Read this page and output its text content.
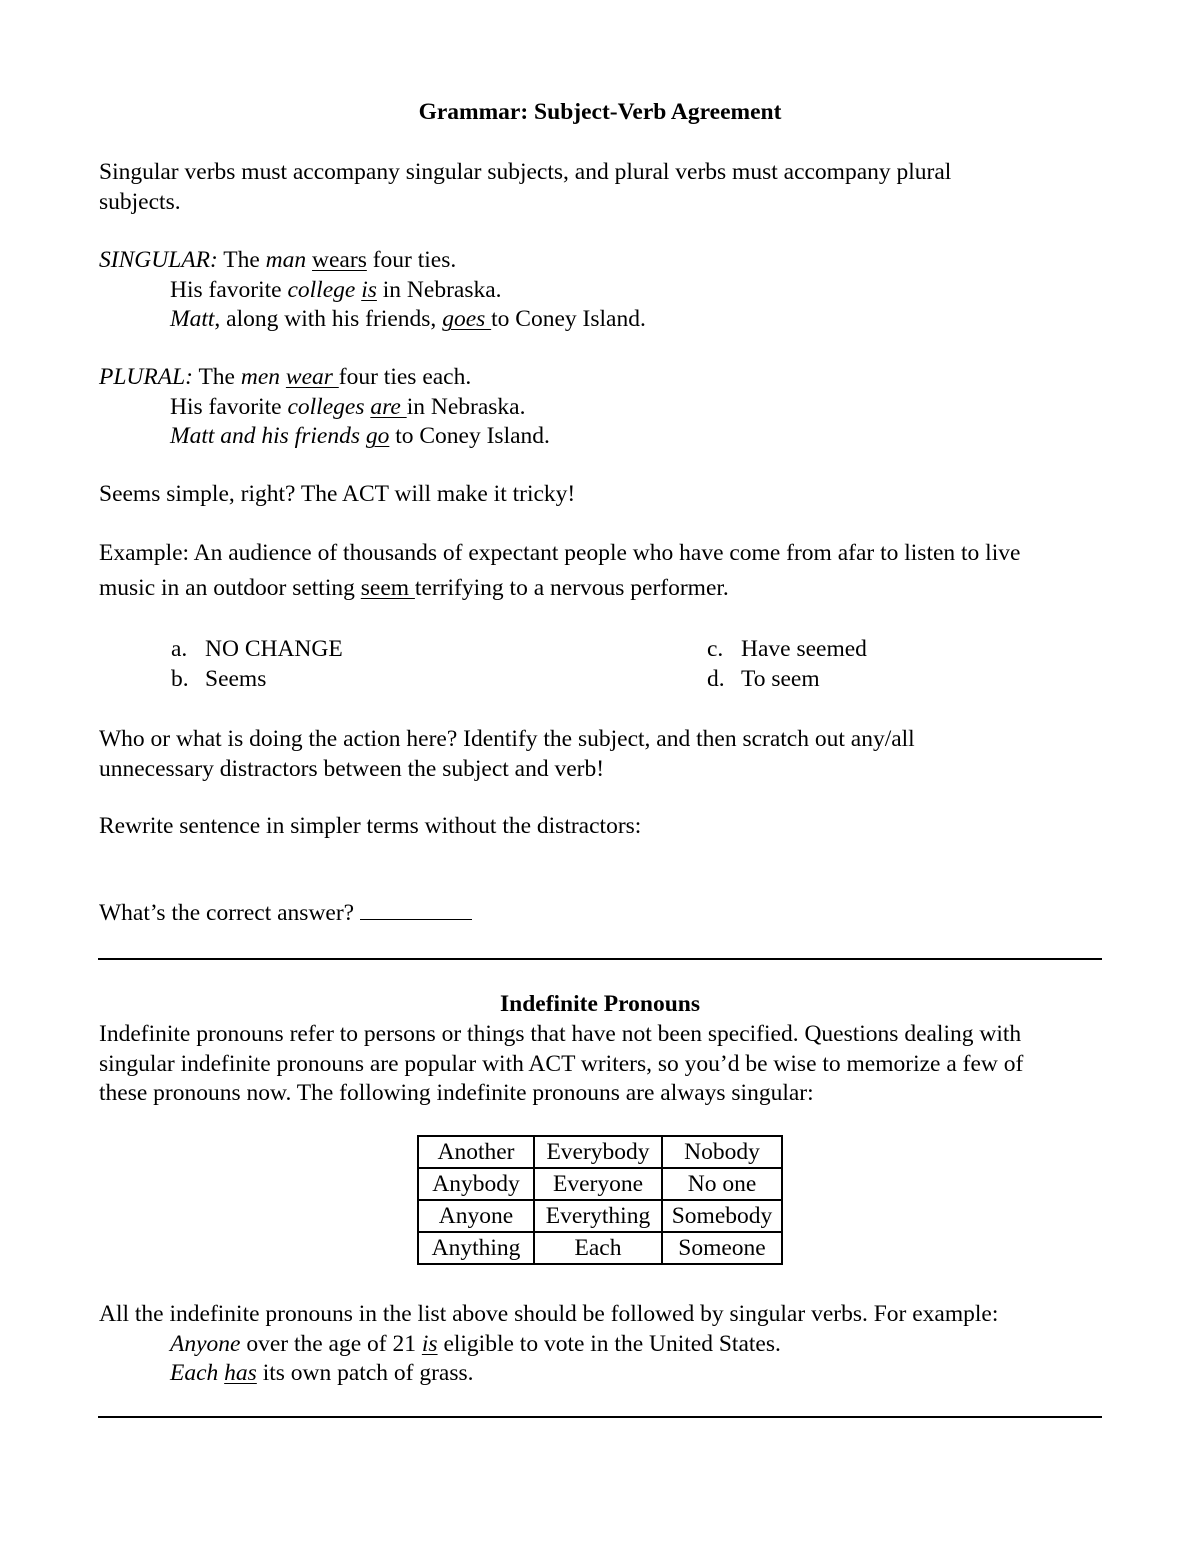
Grammar: Subject-Verb Agreement
Singular verbs must accompany singular subjects, and plural verbs must accompany plural
subjects.
SINGULAR: The man wears four ties.
His favorite college is in Nebraska.
Matt, along with his friends, goes to Coney Island.
PLURAL: The men wear four ties each.
His favorite colleges are in Nebraska.
Matt and his friends go to Coney Island.
Seems simple, right? The ACT will make it tricky!
Example: An audience of thousands of expectant people who have come from afar to listen to live
music in an outdoor setting seem terrifying to a nervous performer.
a. NO CHANGE
b. Seems
c. Have seemed
d. To seem
Who or what is doing the action here? Identify the subject, and then scratch out any/all
unnecessary distractors between the subject and verb!
Rewrite sentence in simpler terms without the distractors:
What’s the correct answer?
Indefinite Pronouns
Indefinite pronouns refer to persons or things that have not been specified. Questions dealing with
singular indefinite pronouns are popular with ACT writers, so you’d be wise to memorize a few of
these pronouns now. The following indefinite pronouns are always singular:
Another	Everybody	Nobody
Anybody	Everyone	No one
Anyone	Everything	Somebody
Anything	Each	Someone
All the indefinite pronouns in the list above should be followed by singular verbs. For example:
Anyone over the age of 21 is eligible to vote in the United States.
Each has its own patch of grass.
